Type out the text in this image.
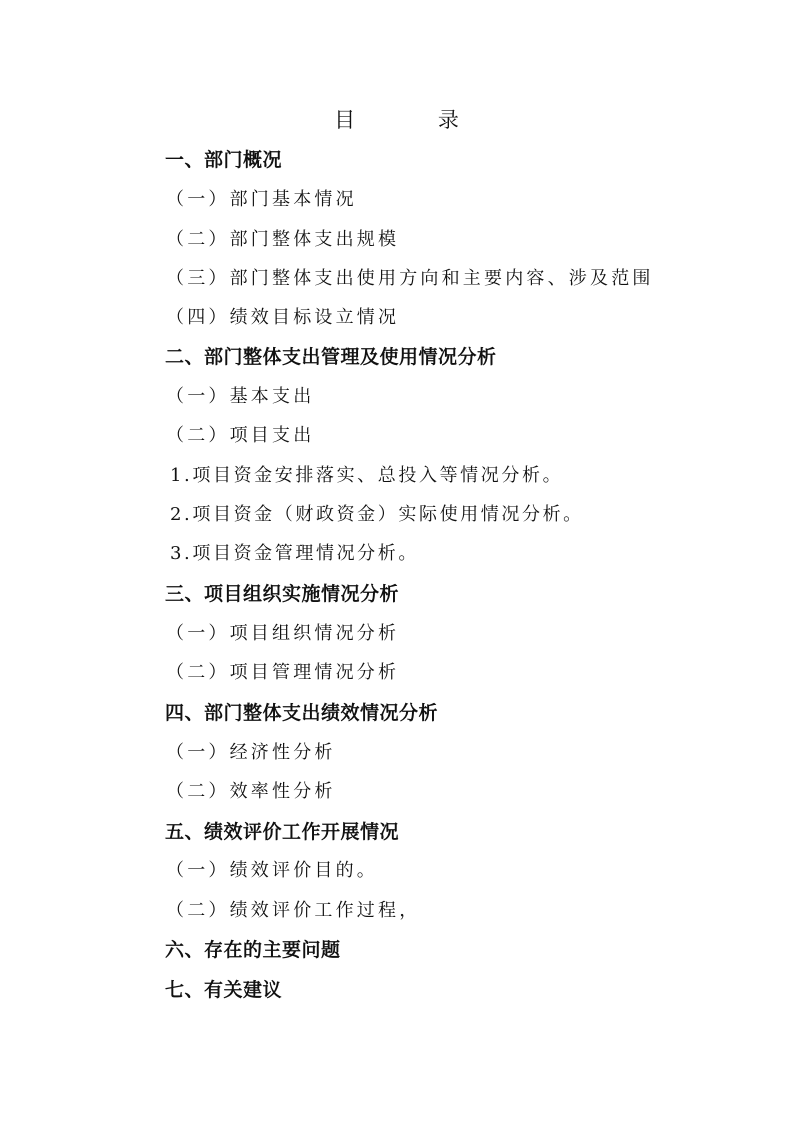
目 录
一、部门概况
（一）部门基本情况
（二）部门整体支出规模
（三）部门整体支出使用方向和主要内容、涉及范围
（四）绩效目标设立情况
二、部门整体支出管理及使用情况分析
（一）基本支出
（二）项目支出
1.项目资金安排落实、总投入等情况分析。
2.项目资金（财政资金）实际使用情况分析。
3.项目资金管理情况分析。
三、项目组织实施情况分析
（一）项目组织情况分析
（二）项目管理情况分析
四、部门整体支出绩效情况分析
（一）经济性分析
（二）效率性分析
五、绩效评价工作开展情况
（一）绩效评价目的。
（二）绩效评价工作过程，
六、存在的主要问题
七、有关建议
